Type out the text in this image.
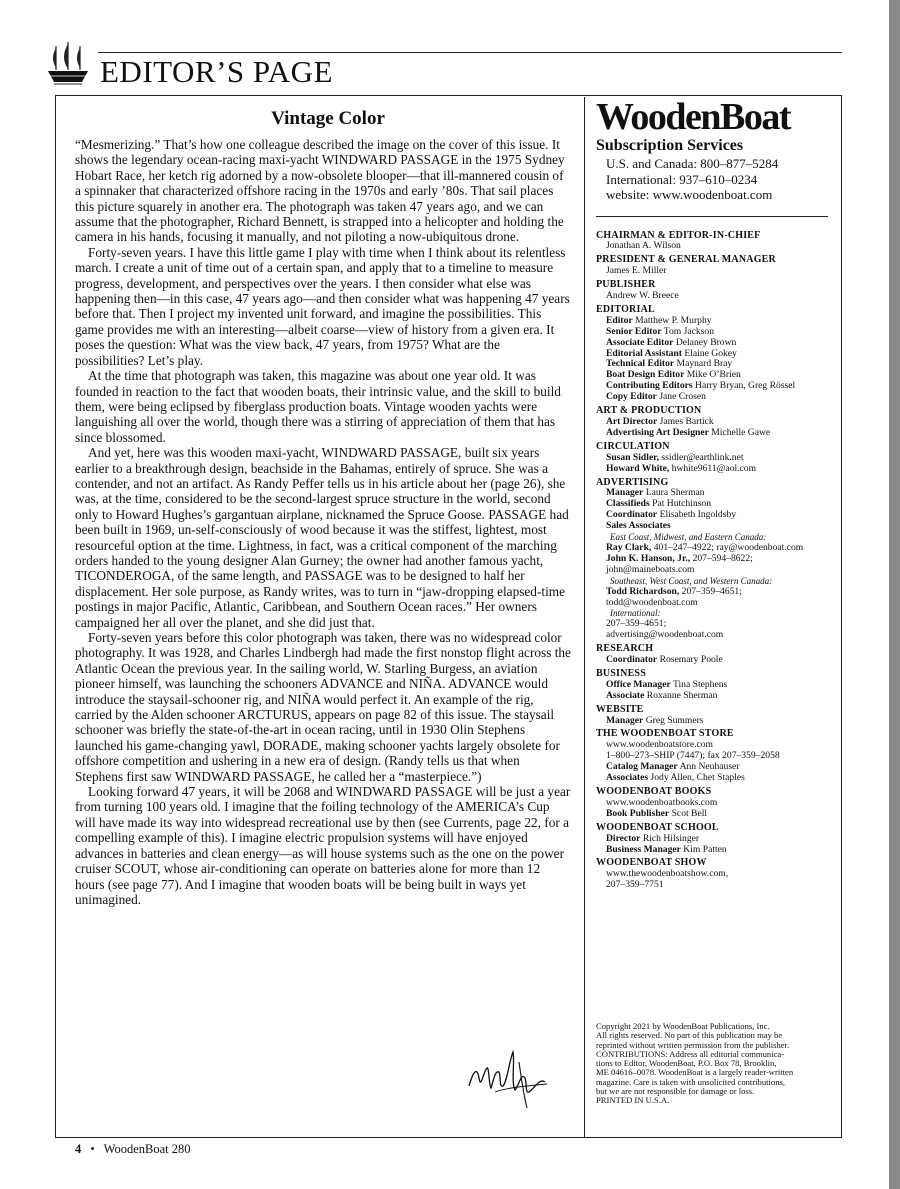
EDITOR’S PAGE
Vintage Color

“Mesmerizing.” That’s how one colleague described the image on the cover of this issue. It shows the legendary ocean-racing maxi-yacht WINDWARD PASSAGE in the 1975 Sydney Hobart Race, her ketch rig adorned by a now-obsolete blooper—that ill-mannered cousin of a spinnaker that characterized offshore racing in the 1970s and early ’80s. That sail places this picture squarely in another era. The photograph was taken 47 years ago, and we can assume that the photographer, Richard Bennett, is strapped into a helicopter and holding the camera in his hands, focusing it manually, and not piloting a now-ubiquitous drone.

Forty-seven years. I have this little game I play with time when I think about its relentless march. I create a unit of time out of a certain span, and apply that to a timeline to measure progress, development, and perspectives over the years. I then consider what else was happening then—in this case, 47 years ago—and then consider what was happening 47 years before that. Then I project my invented unit forward, and imagine the possibilities. This game provides me with an interesting—albeit coarse—view of history from a given era. It poses the question: What was the view back, 47 years, from 1975? What are the possibilities? Let’s play.

At the time that photograph was taken, this magazine was about one year old. It was founded in reaction to the fact that wooden boats, their intrinsic value, and the skill to build them, were being eclipsed by fiberglass production boats. Vintage wooden yachts were languishing all over the world, though there was a stirring of appreciation of them that has since blossomed.

And yet, here was this wooden maxi-yacht, WINDWARD PASSAGE, built six years earlier to a breakthrough design, beachside in the Bahamas, entirely of spruce. She was a contender, and not an artifact. As Randy Peffer tells us in his article about her (page 26), she was, at the time, considered to be the second-largest spruce structure in the world, second only to Howard Hughes’s gargantuan airplane, nicknamed the Spruce Goose. PASSAGE had been built in 1969, un-self-consciously of wood because it was the stiffest, lightest, most resourceful option at the time. Lightness, in fact, was a critical component of the marching orders handed to the young designer Alan Gurney; the owner had another famous yacht, TICONDEROGA, of the same length, and PASSAGE was to be designed to half her displacement. Her sole purpose, as Randy writes, was to turn in “jaw-dropping elapsed-time postings in major Pacific, Atlantic, Caribbean, and Southern Ocean races.” Her owners campaigned her all over the planet, and she did just that.

Forty-seven years before this color photograph was taken, there was no widespread color photography. It was 1928, and Charles Lindbergh had made the first nonstop flight across the Atlantic Ocean the previous year. In the sailing world, W. Starling Burgess, an aviation pioneer himself, was launching the schooners ADVANCE and NIÑA. ADVANCE would introduce the staysail-schooner rig, and NIÑA would perfect it. An example of the rig, carried by the Alden schooner ARCTURUS, appears on page 82 of this issue. The staysail schooner was briefly the state-of-the-art in ocean racing, until in 1930 Olin Stephens launched his game-changing yawl, DORADE, making schooner yachts largely obsolete for offshore competition and ushering in a new era of design. (Randy tells us that when Stephens first saw WINDWARD PASSAGE, he called her a “masterpiece.”)

Looking forward 47 years, it will be 2068 and WINDWARD PASSAGE will be just a year from turning 100 years old. I imagine that the foiling technology of the AMERICA’s Cup will have made its way into widespread recreational use by then (see Currents, page 22, for a compelling example of this). I imagine electric propulsion systems will have enjoyed advances in batteries and clean energy—as will house systems such as the one on the power cruiser SCOUT, whose air-conditioning can operate on batteries alone for more than 12 hours (see page 77). And I imagine that wooden boats will be being built in ways yet unimagined.

WoodenBoat
Subscription Services
U.S. and Canada: 800–877–5284
International: 937–610–0234
website: www.woodenboat.com
CHAIRMAN & EDITOR-IN-CHIEF
Jonathan A. Wilson
PRESIDENT & GENERAL MANAGER
James E. Miller
PUBLISHER
Andrew W. Breece
EDITORIAL
Editor Matthew P. Murphy
Senior Editor Tom Jackson
Associate Editor Delaney Brown
Editorial Assistant Elaine Gokey
Technical Editor Maynard Bray
Boat Design Editor Mike O’Brien
Contributing Editors Harry Bryan, Greg Rössel
Copy Editor Jane Crosen
ART & PRODUCTION
Art Director James Bartick
Advertising Art Designer Michelle Gawe
CIRCULATION
Susan Sidler, ssidler@earthlink.net
Howard White, hwhite9611@aol.com
ADVERTISING
Manager Laura Sherman
Classifieds Pat Hutchinson
Coordinator Elisabeth Ingoldsby
Sales Associates
East Coast, Midwest, and Eastern Canada:
Ray Clark, 401–247–4922; ray@woodenboat.com
John K. Hanson, Jr., 207–594–8622;
john@maineboats.com
Southeast, West Coast, and Western Canada:
Todd Richardson, 207–359–4651;
todd@woodenboat.com
International:
207–359–4651;
advertising@woodenboat.com
RESEARCH
Coordinator Rosemary Poole
BUSINESS
Office Manager Tina Stephens
Associate Roxanne Sherman
WEBSITE
Manager Greg Summers
THE WOODENBOAT STORE
www.woodenboatstore.com
1–800–273–SHIP (7447); fax 207–359–2058
Catalog Manager Ann Neuhauser
Associates Jody Allen, Chet Staples
WOODENBOAT BOOKS
www.woodenboatbooks.com
Book Publisher Scot Bell
WOODENBOAT SCHOOL
Director Rich Hilsinger
Business Manager Kim Patten
WOODENBOAT SHOW
www.thewoodenboatshow.com,
207–359–7751
Copyright 2021 by WoodenBoat Publications, Inc.
All rights reserved. No part of this publication may be
reprinted without written permission from the publisher.
CONTRIBUTIONS: Address all editorial communica-
tions to Editor, WoodenBoat, P.O. Box 78, Brooklin,
ME 04616–0078. WoodenBoat is a largely reader-written
magazine. Care is taken with unsolicited contributions,
but we are not responsible for damage or loss.
PRINTED IN U.S.A.
4 • WoodenBoat 280
